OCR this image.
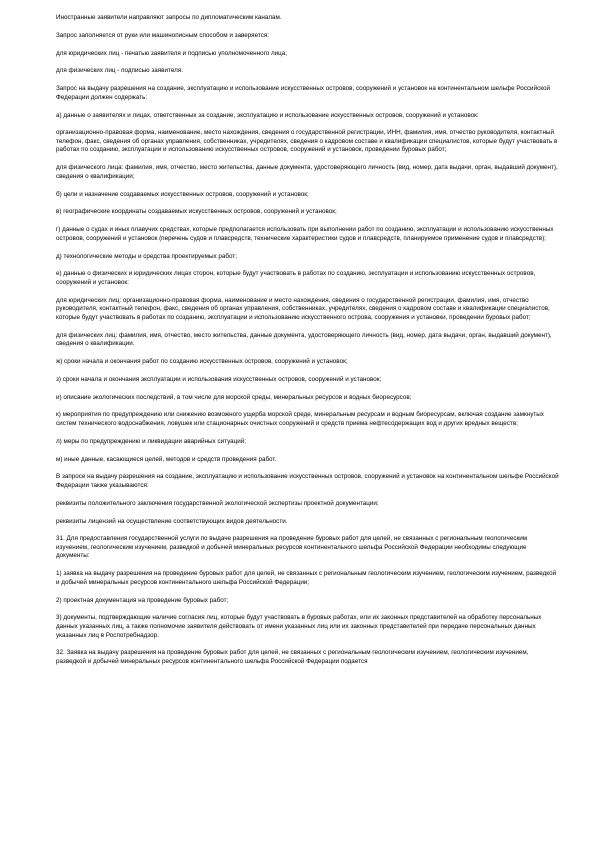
Иностранные заявители направляют запросы по дипломатическим каналам.
Запрос заполняется от руки или машинописным способом и заверяется:
для юридических лиц - печатью заявителя и подписью уполномоченного лица;
для физических лиц - подписью заявителя.
Запрос на выдачу разрешения на создание, эксплуатацию и использование искусственных островов, сооружений и установок на континентальном шельфе Российской Федерации должен содержать:
а) данные о заявителях и лицах, ответственных за создание, эксплуатацию и использование искусственных островов, сооружений и установок:
организационно-правовая форма, наименование, место нахождения, сведения о государственной регистрации, ИНН, фамилия, имя, отчество руководителя, контактный телефон, факс, сведения об органах управления, собственниках, учредителях, сведения о кадровом составе и квалификации специалистов, которые будут участвовать в работах по созданию, эксплуатации и использованию искусственных островов, сооружений и установок, проведении буровых работ;
для физического лица: фамилия, имя, отчество, место жительства, данные документа, удостоверяющего личность (вид, номер, дата выдачи, орган, выдавший документ), сведения о квалификации;
б) цели и назначение создаваемых искусственных островов, сооружений и установок;
в) географические координаты создаваемых искусственных островов, сооружений и установок;
г) данные о судах и иных плавучих средствах, которые предполагается использовать при выполнении работ по созданию, эксплуатации и использованию искусственных островов, сооружений и установок (перечень судов и плавсредств, технические характеристики судов и плавсредств, планируемое применение судов и плавсредств);
д) технологические методы и средства проектируемых работ;
е) данные о физических и юридических лицах сторон, которые будут участвовать в работах по созданию, эксплуатации и использованию искусственных островов, сооружений и установок:
для юридических лиц: организационно-правовая форма, наименование и место нахождения, сведения о государственной регистрации, фамилия, имя, отчество руководителя, контактный телефон, факс, сведения об органах управления, собственниках, учредителях, сведения о кадровом составе и квалификации специалистов, которые будут участвовать в работах по созданию, эксплуатации и использованию искусственного острова, сооружения и установки, проведении буровых работ;
для физических лиц: фамилия, имя, отчество, место жительства, данные документа, удостоверяющего личность (вид, номер, дата выдачи, орган, выдавший документ), сведения о квалификации.
ж) сроки начала и окончания работ по созданию искусственных островов, сооружений и установок;
з) сроки начала и окончания эксплуатации и использования искусственных островов, сооружений и установок;
и) описание экологических последствий, в том числе для морской среды, минеральных ресурсов и водных биоресурсов;
к) мероприятия по предупреждению или снижению возможного ущерба морской среде, минеральным ресурсам и водным биоресурсам, включая создание замкнутых систем технического водоснабжения, ловушек или стационарных очистных сооружений и средств приема нефтесодержащих вод и других вредных веществ;
л) меры по предупреждению и ликвидации аварийных ситуаций;
м) иные данные, касающиеся целей, методов и средств проведения работ.
В запросе на выдачу разрешения на создание, эксплуатацию и использование искусственных островов, сооружений и установок на континентальном шельфе Российской Федерации также указываются:
реквизиты положительного заключения государственной экологической экспертизы проектной документации;
реквизиты лицензий на осуществление соответствующих видов деятельности.
31. Для предоставления государственной услуги по выдаче разрешения на проведение буровых работ для целей, не связанных с региональным геологическим изучением, геологическим изучением, разведкой и добычей минеральных ресурсов континентального шельфа Российской Федерации необходимы следующие документы:
1) заявка на выдачу разрешения на проведение буровых работ для целей, не связанных с региональным геологическим изучением, геологическим изучением, разведкой и добычей минеральных ресурсов континентального шельфа Российской Федерации;
2) проектная документация на проведение буровых работ;
3) документы, подтверждающие наличие согласия лиц, которые будут участвовать в буровых работах, или их законных представителей на обработку персональных данных указанных лиц, а также полномочие заявителя действовать от имени указанных лиц или их законных представителей при передаче персональных данных указанных лиц в Роспотребнадзор.
32. Заявка на выдачу разрешения на проведение буровых работ для целей, не связанных с региональным геологическим изучением, геологическим изучением, разведкой и добычей минеральных ресурсов континентального шельфа Российской Федерации подается
